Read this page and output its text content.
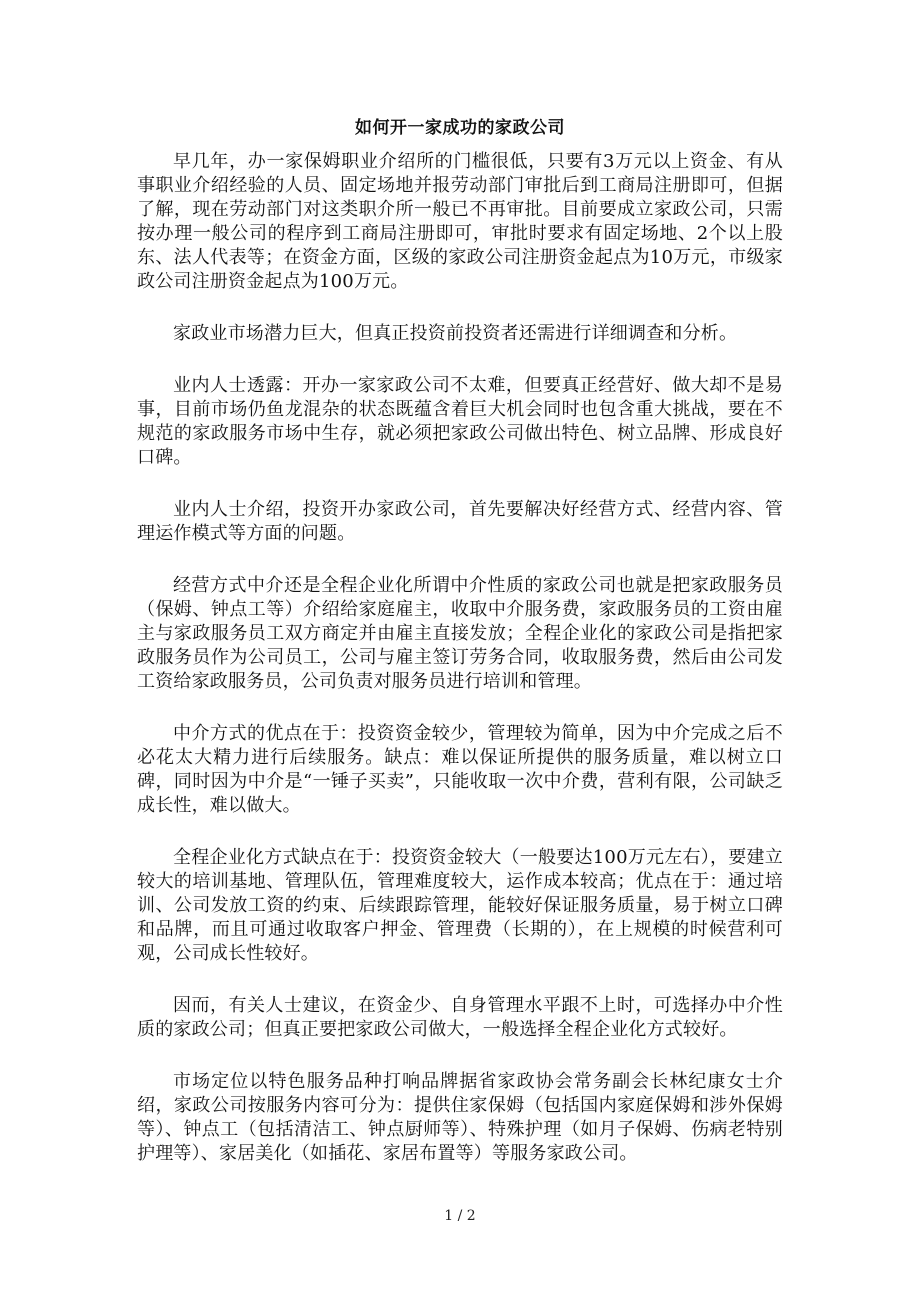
如何开一家成功的家政公司

早几年，办一家保姆职业介绍所的门槛很低，只要有3万元以上资金、有从事职业介绍经验的人员、固定场地并报劳动部门审批后到工商局注册即可，但据了解，现在劳动部门对这类职介所一般已不再审批。目前要成立家政公司，只需按办理一般公司的程序到工商局注册即可，审批时要求有固定场地、2个以上股东、法人代表等；在资金方面，区级的家政公司注册资金起点为10万元，市级家政公司注册资金起点为100万元。

家政业市场潜力巨大，但真正投资前投资者还需进行详细调查和分析。

业内人士透露：开办一家家政公司不太难，但要真正经营好、做大却不是易事，目前市场仍鱼龙混杂的状态既蕴含着巨大机会同时也包含重大挑战，要在不规范的家政服务市场中生存，就必须把家政公司做出特色、树立品牌、形成良好口碑。

业内人士介绍，投资开办家政公司，首先要解决好经营方式、经营内容、管理运作模式等方面的问题。

经营方式中介还是全程企业化所谓中介性质的家政公司也就是把家政服务员（保姆、钟点工等）介绍给家庭雇主，收取中介服务费，家政服务员的工资由雇主与家政服务员工双方商定并由雇主直接发放；全程企业化的家政公司是指把家政服务员作为公司员工，公司与雇主签订劳务合同，收取服务费，然后由公司发工资给家政服务员，公司负责对服务员进行培训和管理。

中介方式的优点在于：投资资金较少，管理较为简单，因为中介完成之后不必花太大精力进行后续服务。缺点：难以保证所提供的服务质量，难以树立口碑，同时因为中介是“一锤子买卖”，只能收取一次中介费，营利有限，公司缺乏成长性，难以做大。

全程企业化方式缺点在于：投资资金较大（一般要达100万元左右），要建立较大的培训基地、管理队伍，管理难度较大，运作成本较高；优点在于：通过培训、公司发放工资的约束、后续跟踪管理，能较好保证服务质量，易于树立口碑和品牌，而且可通过收取客户押金、管理费（长期的），在上规模的时候营利可观，公司成长性较好。

因而，有关人士建议，在资金少、自身管理水平跟不上时，可选择办中介性质的家政公司；但真正要把家政公司做大，一般选择全程企业化方式较好。

市场定位以特色服务品种打响品牌据省家政协会常务副会长林纪康女士介绍，家政公司按服务内容可分为：提供住家保姆（包括国内家庭保姆和涉外保姆等）、钟点工（包括清洁工、钟点厨师等）、特殊护理（如月子保姆、伤病老特别护理等）、家居美化（如插花、家居布置等）等服务家政公司。

1 / 2
